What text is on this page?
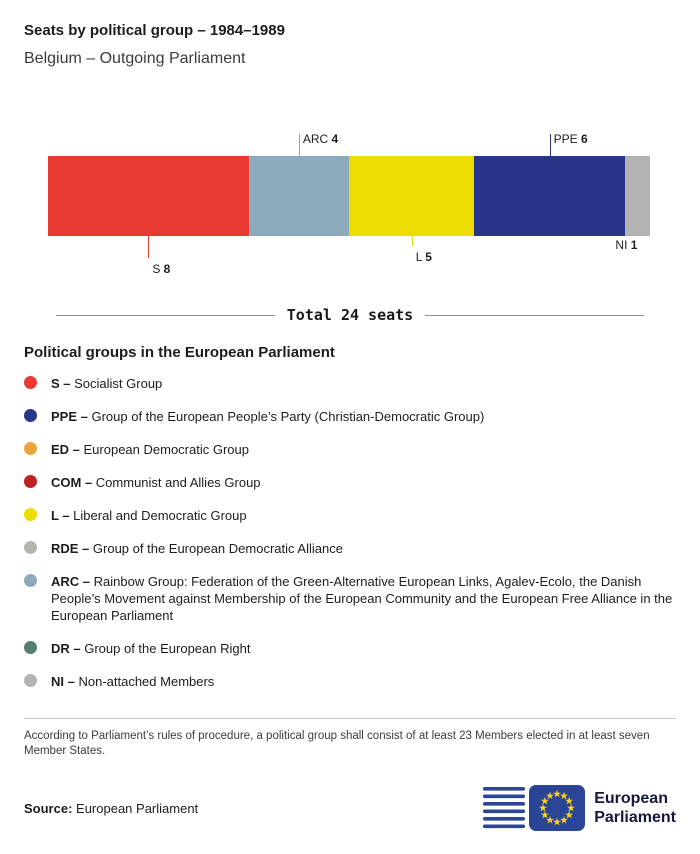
Seats by political group – 1984–1989
Belgium – Outgoing Parliament
S 8
ARC 4
L 5
PPE 6
NI 1
Total 24 seats
Political groups in the European Parliament

S – Socialist Group

PPE – Group of the European People’s Party (Christian-Democratic Group)

ED – European Democratic Group

COM – Communist and Allies Group

L – Liberal and Democratic Group

RDE – Group of the European Democratic Alliance

ARC – Rainbow Group: Federation of the Green-Alternative European Links, Agalev-Ecolo, the Danish People’s Movement against Membership of the European Community and the European Free Alliance in the European Parliament

DR – Group of the European Right

NI – Non-attached Members

According to Parliament’s rules of procedure, a political group shall consist of at least 23 Members elected in at least seven Member States.
Source: European Parliament
European
Parliament
